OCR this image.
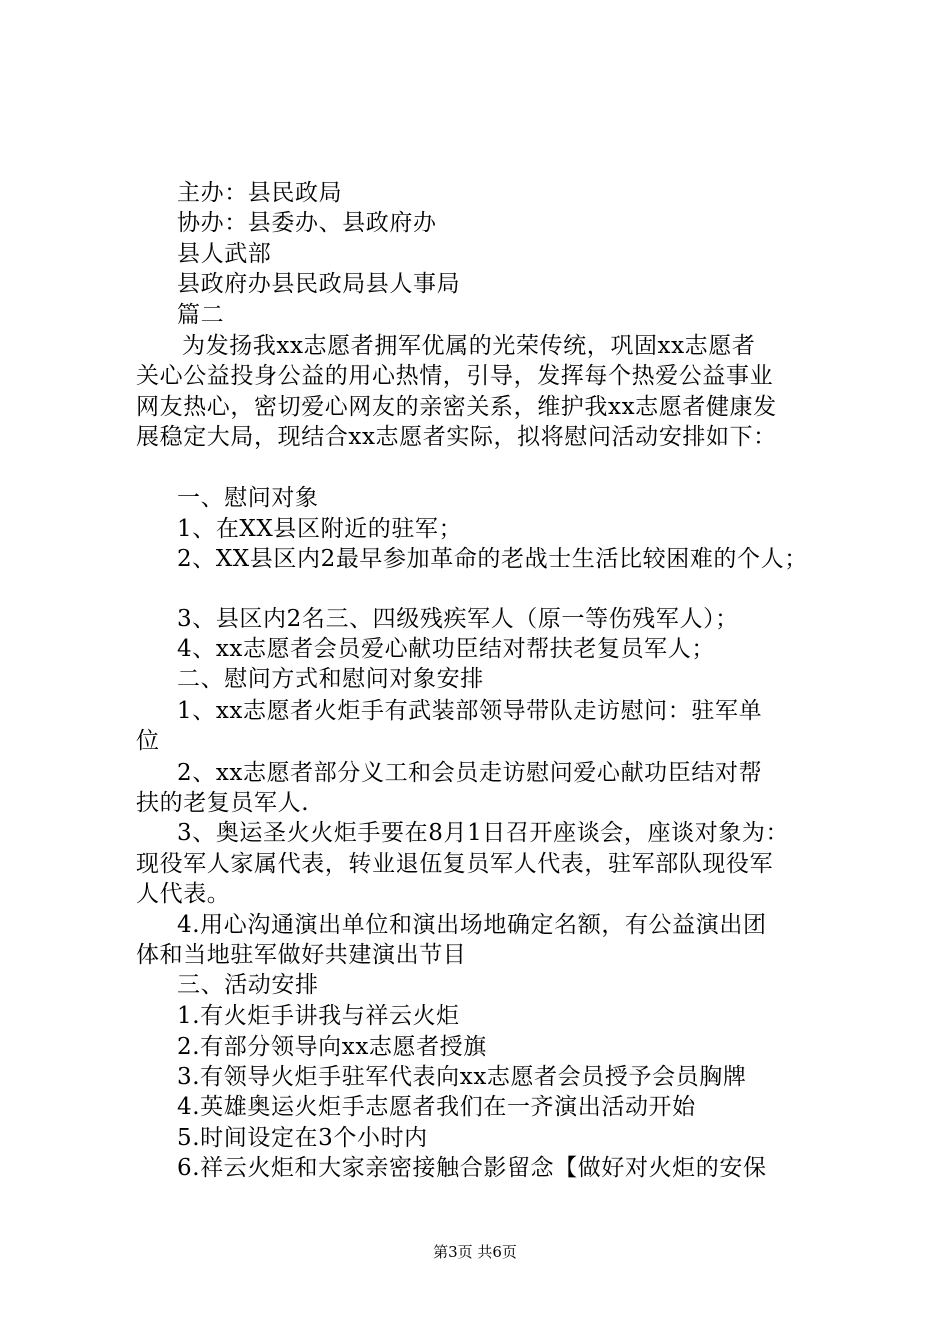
主办：县民政局
协办：县委办、县政府办
县人武部
县政府办县民政局县人事局
篇二
为发扬我xx志愿者拥军优属的光荣传统，巩固xx志愿者
关心公益投身公益的用心热情，引导，发挥每个热爱公益事业
网友热心，密切爱心网友的亲密关系，维护我xx志愿者健康发
展稳定大局，现结合xx志愿者实际，拟将慰问活动安排如下：
一、慰问对象
1、在XX县区附近的驻军；
2、XX县区内2最早参加革命的老战士生活比较困难的个人；
3、县区内2名三、四级残疾军人（原一等伤残军人）；
4、xx志愿者会员爱心献功臣结对帮扶老复员军人；
二、慰问方式和慰问对象安排
1、xx志愿者火炬手有武装部领导带队走访慰问：驻军单
位
2、xx志愿者部分义工和会员走访慰问爱心献功臣结对帮
扶的老复员军人.
3、奥运圣火火炬手要在8月1日召开座谈会，座谈对象为：
现役军人家属代表，转业退伍复员军人代表，驻军部队现役军
人代表。
4.用心沟通演出单位和演出场地确定名额，有公益演出团
体和当地驻军做好共建演出节目
三、活动安排
1.有火炬手讲我与祥云火炬
2.有部分领导向xx志愿者授旗
3.有领导火炬手驻军代表向xx志愿者会员授予会员胸牌
4.英雄奥运火炬手志愿者我们在一齐演出活动开始
5.时间设定在3个小时内
6.祥云火炬和大家亲密接触合影留念【做好对火炬的安保
第3页 共6页
